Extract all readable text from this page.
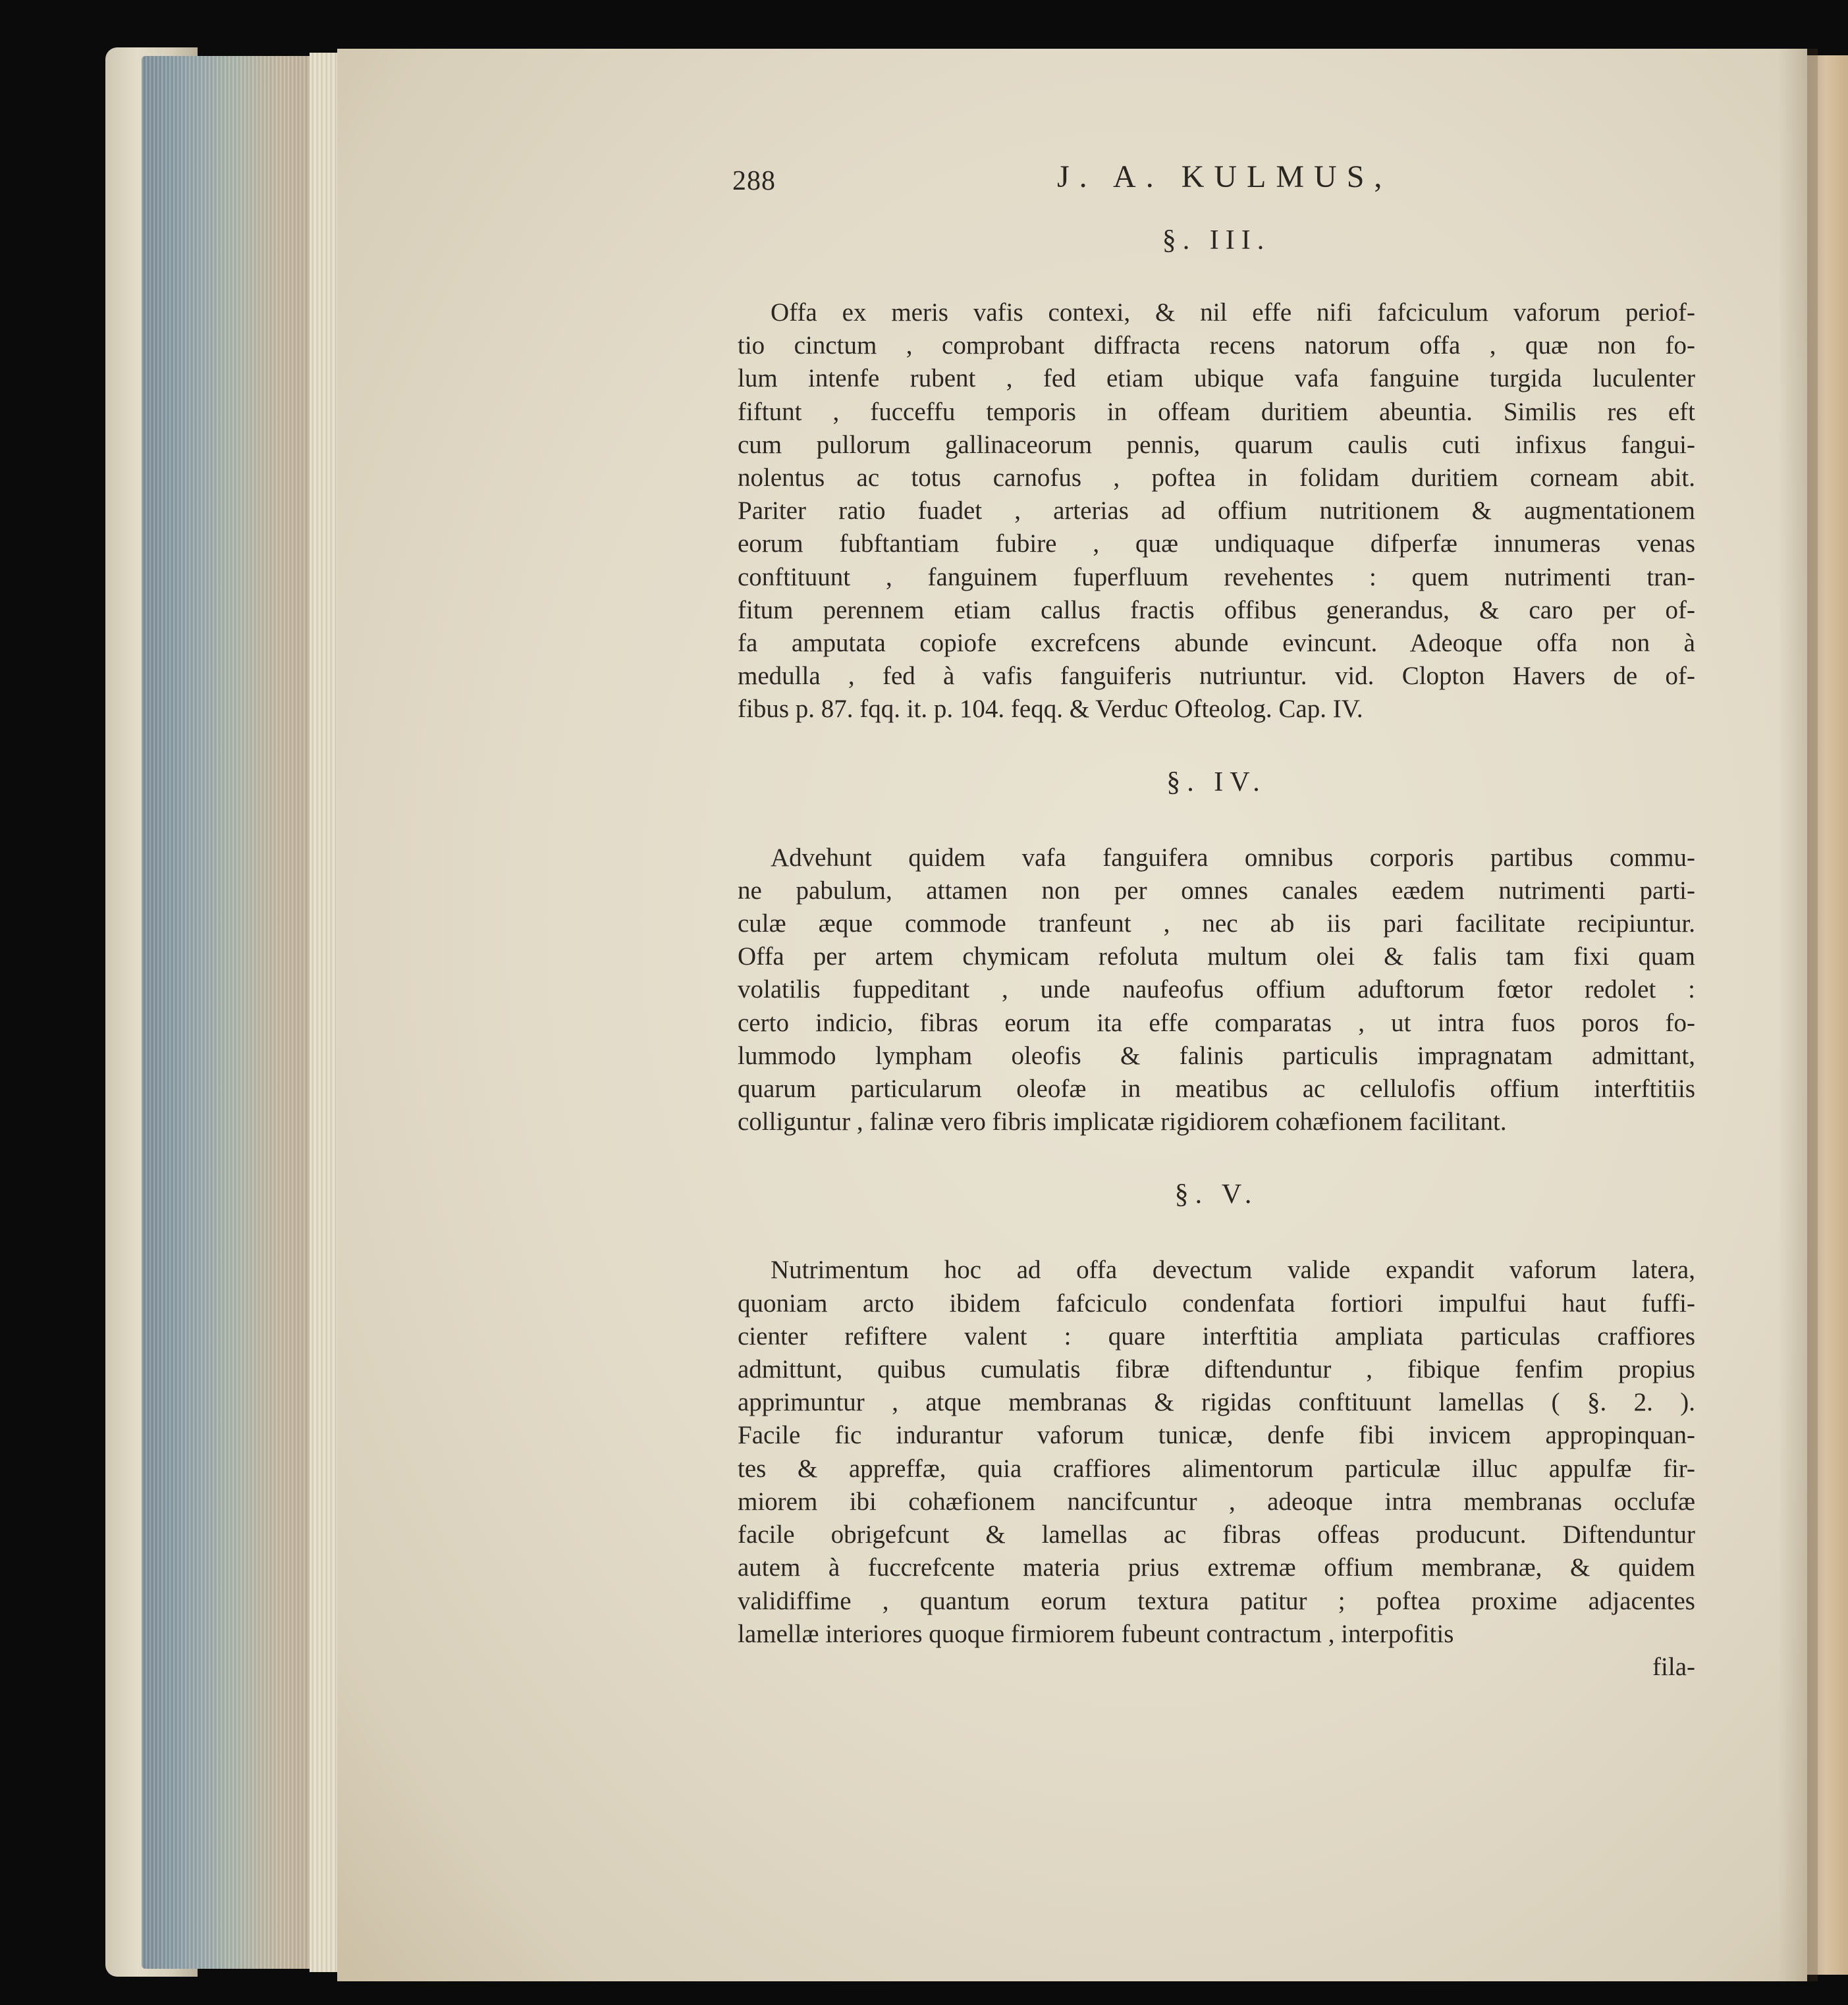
288	J. A. KULMUS,
§. III.

Offa ex meris vafis contexi, & nil effe nifi fafciculum vaforum periof-

tio cinctum , comprobant diffracta recens natorum offa , quæ non fo-

lum intenfe rubent , fed etiam ubique vafa fanguine turgida luculenter

fiftunt , fucceffu temporis in offeam duritiem abeuntia. Similis res eft

cum pullorum gallinaceorum pennis, quarum caulis cuti infixus fangui-

nolentus ac totus carnofus , poftea in folidam duritiem corneam abit.

Pariter ratio fuadet , arterias ad offium nutritionem & augmentationem

eorum fubftantiam fubire , quæ undiquaque difperfæ innumeras venas

conftituunt , fanguinem fuperfluum revehentes : quem nutrimenti tran-

fitum perennem etiam callus fractis offibus generandus, & caro per of-

fa amputata copiofe excrefcens abunde evincunt. Adeoque offa non à

medulla , fed à vafis fanguiferis nutriuntur. vid. Clopton Havers de of-

fibus p. 87. fqq. it. p. 104. feqq. & Verduc Ofteolog. Cap. IV.

§. IV.

Advehunt quidem vafa fanguifera omnibus corporis partibus commu-

ne pabulum, attamen non per omnes canales eædem nutrimenti parti-

culæ æque commode tranfeunt , nec ab iis pari facilitate recipiuntur.

Offa per artem chymicam refoluta multum olei & falis tam fixi quam

volatilis fuppeditant , unde naufeofus offium aduftorum fœtor redolet :

certo indicio, fibras eorum ita effe comparatas , ut intra fuos poros fo-

lummodo lympham oleofis & falinis particulis impragnatam admittant,

quarum particularum oleofæ in meatibus ac cellulofis offium interftitiis

colliguntur , falinæ vero fibris implicatæ rigidiorem cohæfionem facilitant.

§. V.

Nutrimentum hoc ad offa devectum valide expandit vaforum latera,

quoniam arcto ibidem fafciculo condenfata fortiori impulfui haut fuffi-

cienter refiftere valent : quare interftitia ampliata particulas craffiores

admittunt, quibus cumulatis fibræ diftenduntur , fibique fenfim propius

apprimuntur , atque membranas & rigidas conftituunt lamellas ( §. 2. ).

Facile fic indurantur vaforum tunicæ, denfe fibi invicem appropinquan-

tes & appreffæ, quia craffiores alimentorum particulæ illuc appulfæ fir-

miorem ibi cohæfionem nancifcuntur , adeoque intra membranas occlufæ

facile obrigefcunt & lamellas ac fibras offeas producunt. Diftenduntur

autem à fuccrefcente materia prius extremæ offium membranæ, & quidem

validiffime , quantum eorum textura patitur ; poftea proxime adjacentes

lamellæ interiores quoque firmiorem fubeunt contractum , interpofitis

fila-
